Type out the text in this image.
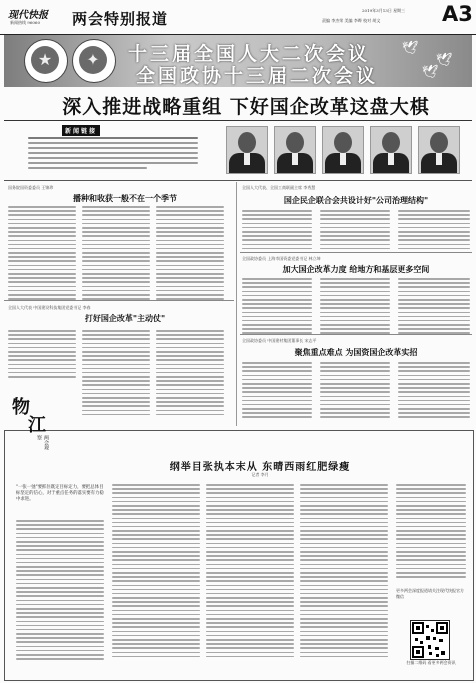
现代快报
新闻热线 96060 两会特别报道	2019年3月13日 星期三
责编 李杰荣 美编 李晔 校对 胡文	A3
★	✦	十三届全国人大二次会议
全国政协十三届二次会议
🕊
🕊
🕊
深入推进战略重组 下好国企改革这盘大棋
新闻链接
国务院国资委委员 王锦珍
播种和收获一般不在一个季节
全国人大代表 中国建设科技集团党委书记 李春
打好国企改革"主动仗"
全国人大代表、全国工商联副主席 李秀慧
国企民企联合会共设计好"公司治理结构"
全国政协委员 上海市国资委党委书记 林立坤
加大国企改革力度 给地方和基层更多空间
全国政协委员 中国建材集团董事长 宋志平
聚焦重点难点 为国资国企改革实招
物
江
两会观察
纲举目张执本末从 东晴西雨红肥绿瘦
记者 李月
"一张一弛"要抓住既定目标定力，要把总体目标坚定的信心，对于重点任务的落实要有力稳中求进。
更多两会深度报道请关注现代快报官方微信
扫描二维码 看更多两会资讯
